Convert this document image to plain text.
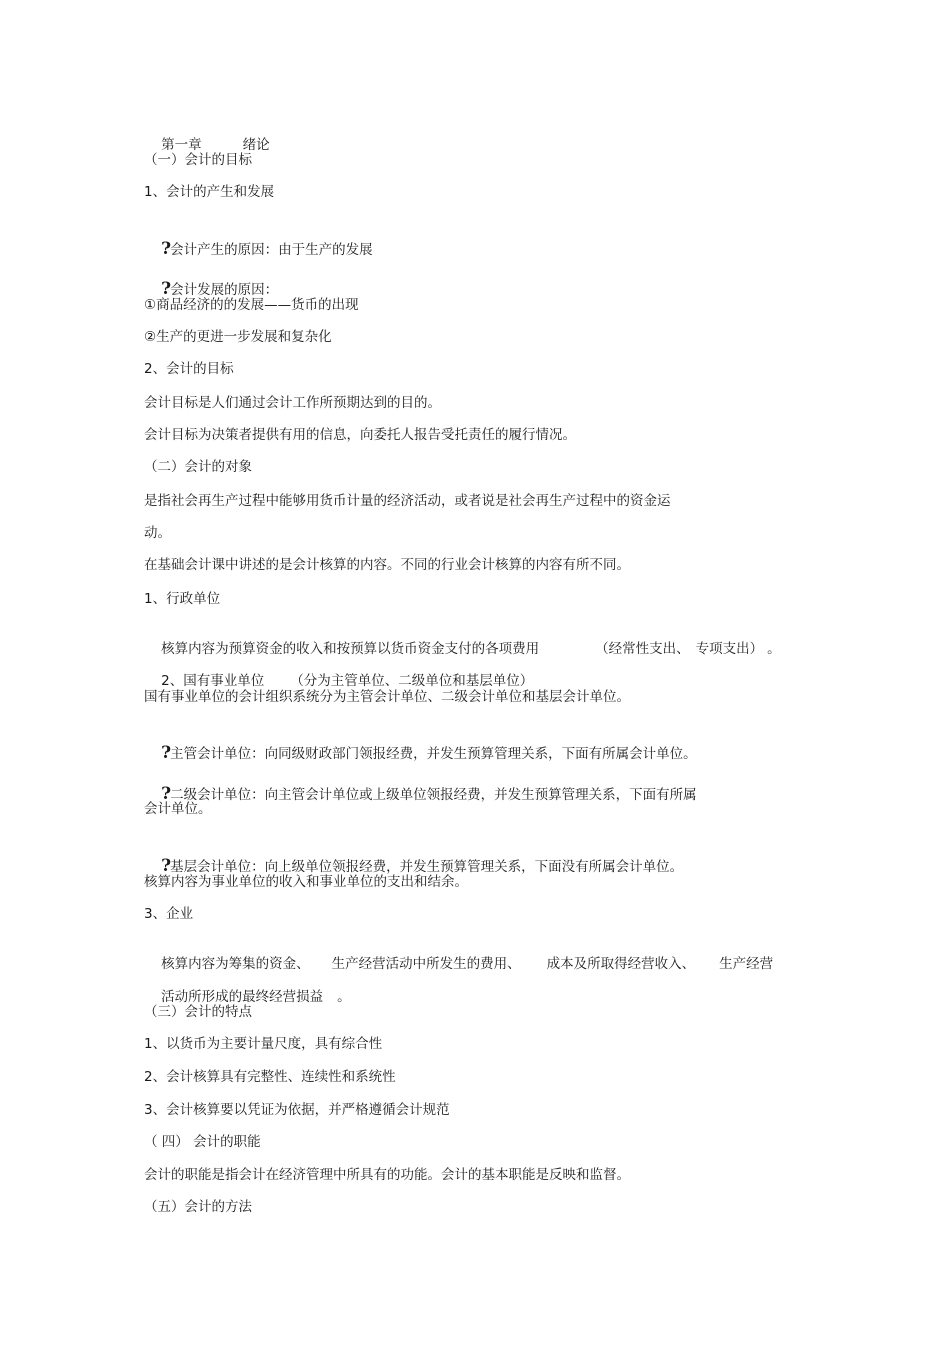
第一章	绪论

（一）会计的目标
1、会计的产生和发展

?会计产生的原因：由于生产的发展

?会计发展的原因：

①商品经济的的发展——货币的出现
②生产的更进一步发展和复杂化
2、会计的目标
会计目标是人们通过会计工作所预期达到的目的。
会计目标为决策者提供有用的信息，向委托人报告受托责任的履行情况。
（二）会计的对象
是指社会再生产过程中能够用货币计量的经济活动，或者说是社会再生产过程中的资金运
动。
在基础会计课中讲述的是会计核算的内容。不同的行业会计核算的内容有所不同。
1、行政单位

核算内容为预算资金的收入和按预算以货币资金支付的各项费用	（经常性支出、 专项支出） 。

2、国有事业单位 （分为主管单位、二级单位和基层单位）

国有事业单位的会计组织系统分为主管会计单位、二级会计单位和基层会计单位。

?主管会计单位：向同级财政部门领报经费，并发生预算管理关系，下面有所属会计单位。

?二级会计单位：向主管会计单位或上级单位领报经费，并发生预算管理关系，下面有所属

会计单位。

?基层会计单位：向上级单位领报经费，并发生预算管理关系，下面没有所属会计单位。

核算内容为事业单位的收入和事业单位的支出和结余。
3、企业

核算内容为筹集的资金、 生产经营活动中所发生的费用、 成本及所取得经营收入、 生产经营

活动所形成的最终经营损益 。

（三）会计的特点
1、以货币为主要计量尺度，具有综合性
2、会计核算具有完整性、连续性和系统性
3、会计核算要以凭证为依据，并严格遵循会计规范
（ 四） 会计的职能
会计的职能是指会计在经济管理中所具有的功能。会计的基本职能是反映和监督。
（五）会计的方法
